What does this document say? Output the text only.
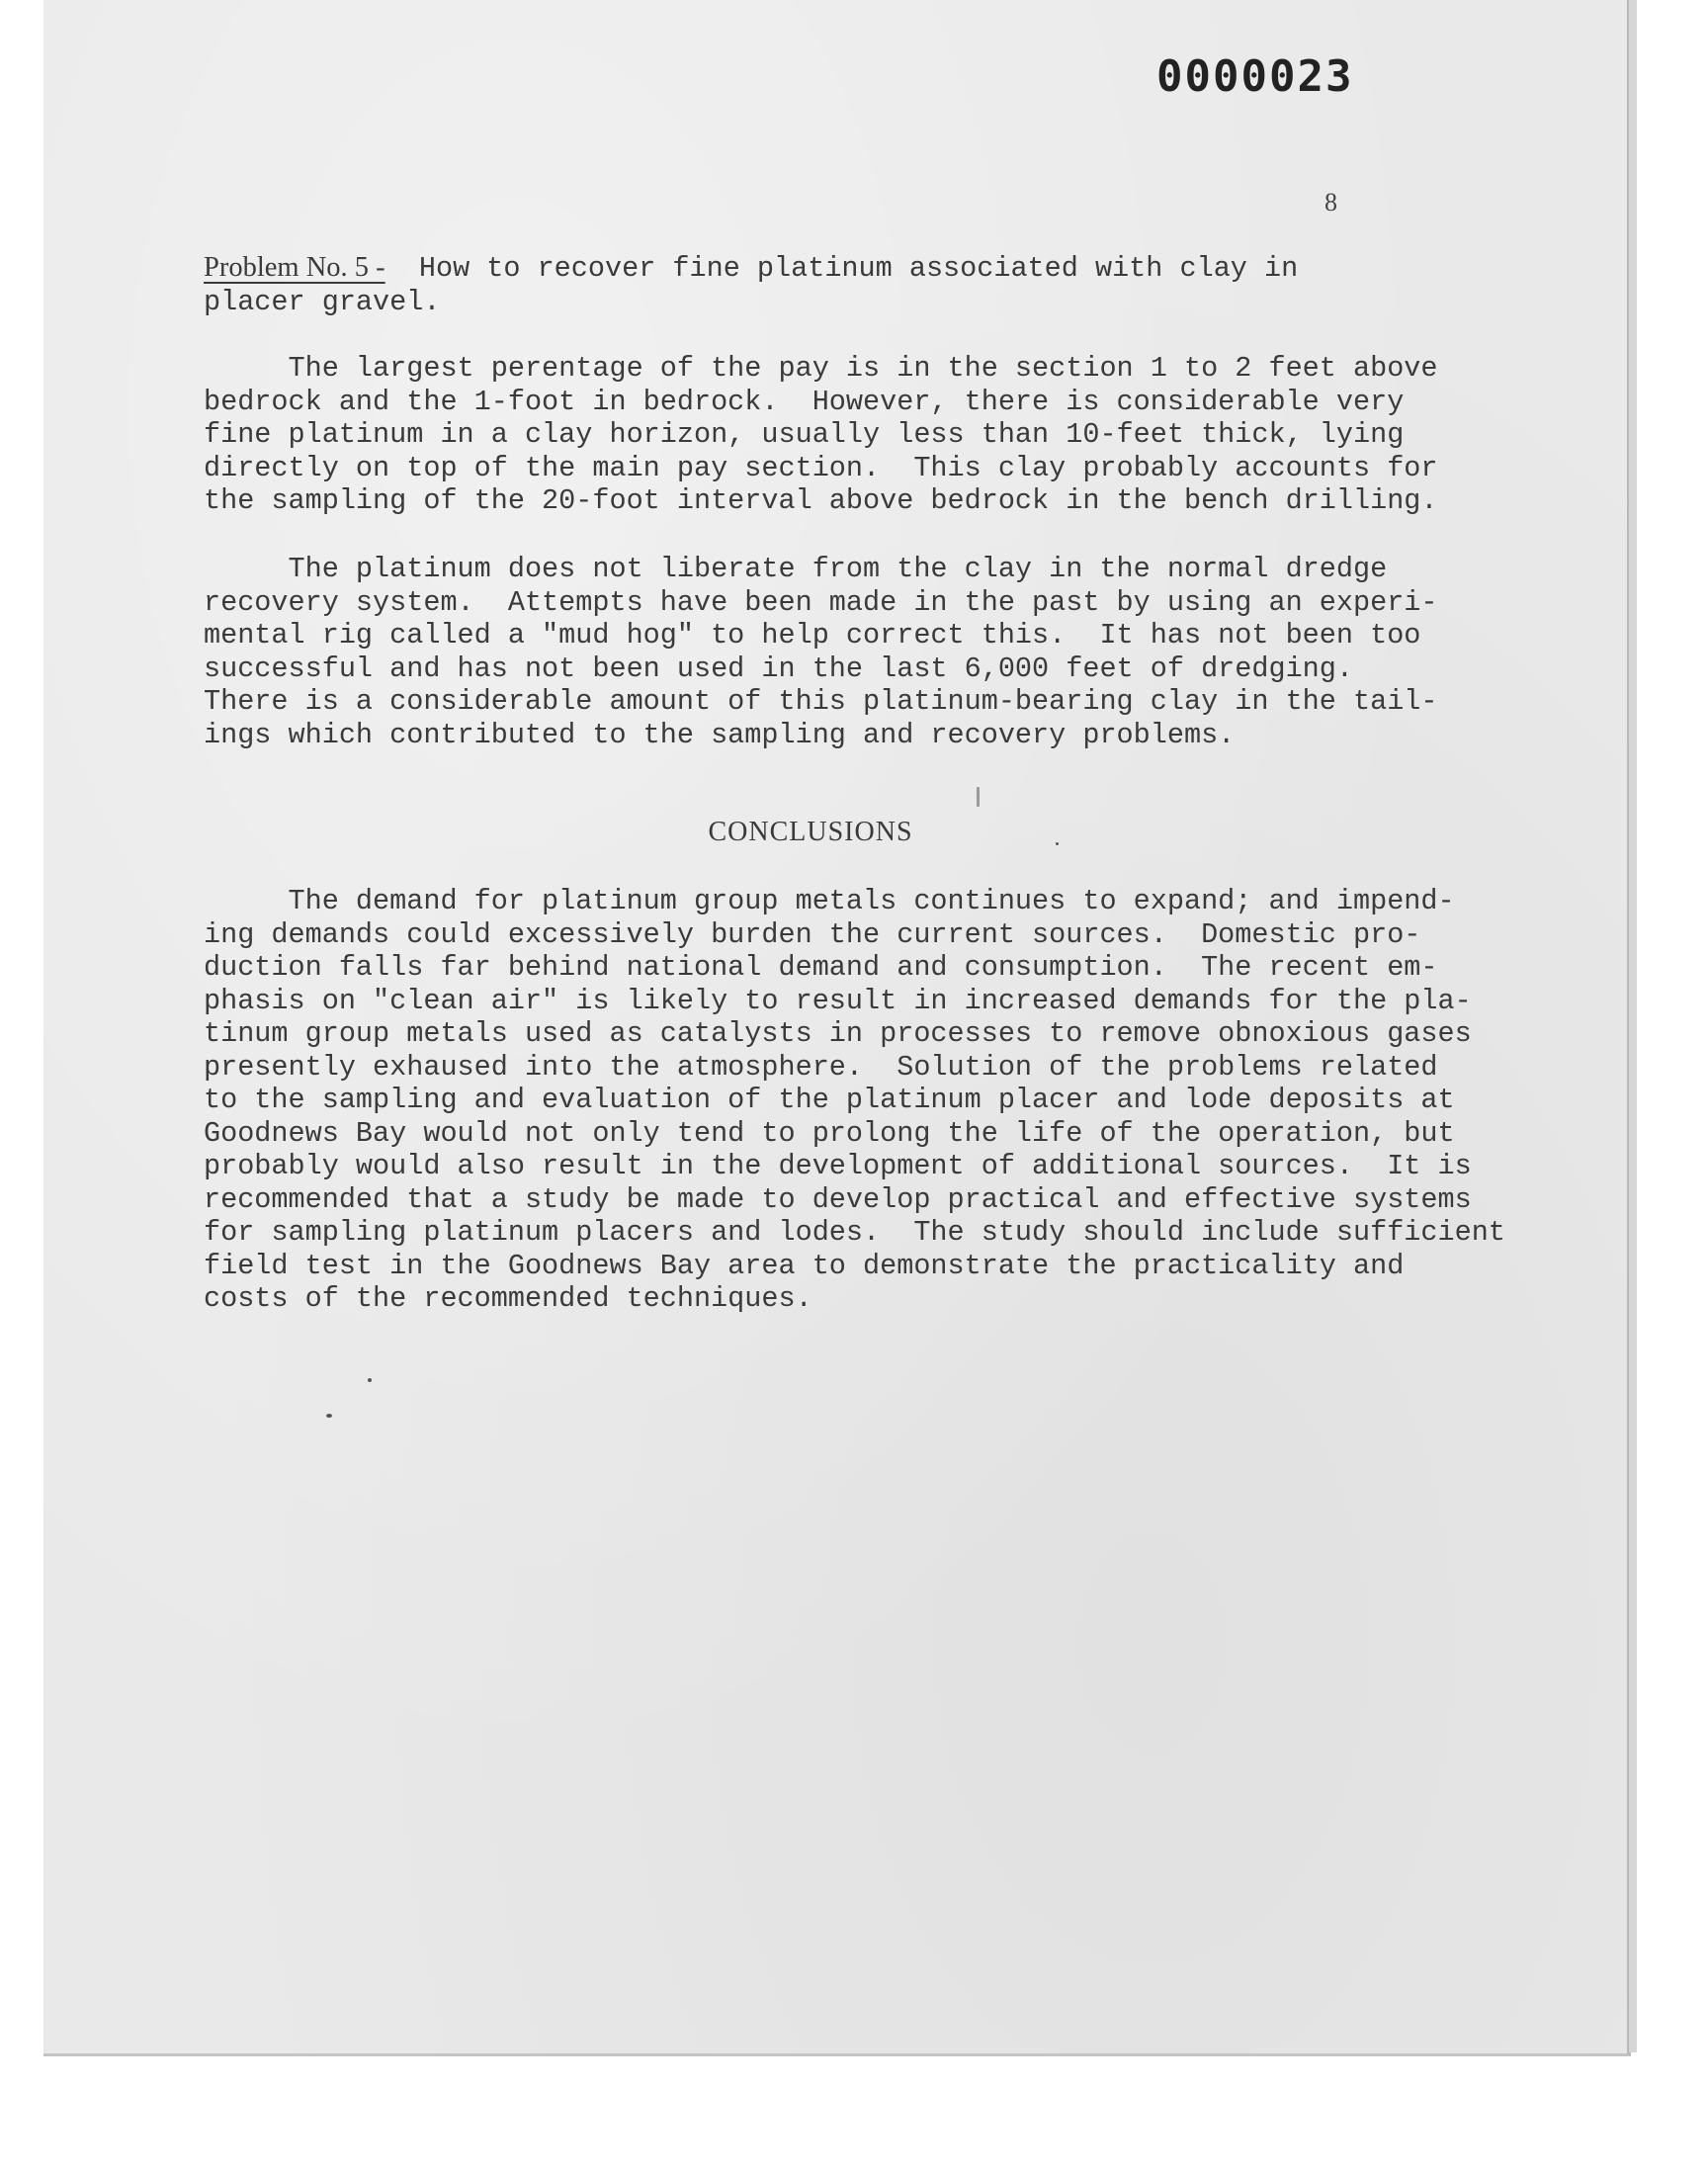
0000023
8
Problem No. 5 -  How to recover fine platinum associated with clay in
placer gravel.
The largest perentage of the pay is in the section 1 to 2 feet above
bedrock and the 1-foot in bedrock.  However, there is considerable very
fine platinum in a clay horizon, usually less than 10-feet thick, lying
directly on top of the main pay section.  This clay probably accounts for
the sampling of the 20-foot interval above bedrock in the bench drilling.
The platinum does not liberate from the clay in the normal dredge
recovery system.  Attempts have been made in the past by using an experi-
mental rig called a "mud hog" to help correct this.  It has not been too
successful and has not been used in the last 6,000 feet of dredging.
There is a considerable amount of this platinum-bearing clay in the tail-
ings which contributed to the sampling and recovery problems.
CONCLUSIONS
The demand for platinum group metals continues to expand; and impend-
ing demands could excessively burden the current sources.  Domestic pro-
duction falls far behind national demand and consumption.  The recent em-
phasis on "clean air" is likely to result in increased demands for the pla-
tinum group metals used as catalysts in processes to remove obnoxious gases
presently exhaused into the atmosphere.  Solution of the problems related
to the sampling and evaluation of the platinum placer and lode deposits at
Goodnews Bay would not only tend to prolong the life of the operation, but
probably would also result in the development of additional sources.  It is
recommended that a study be made to develop practical and effective systems
for sampling platinum placers and lodes.  The study should include sufficient
field test in the Goodnews Bay area to demonstrate the practicality and
costs of the recommended techniques.
